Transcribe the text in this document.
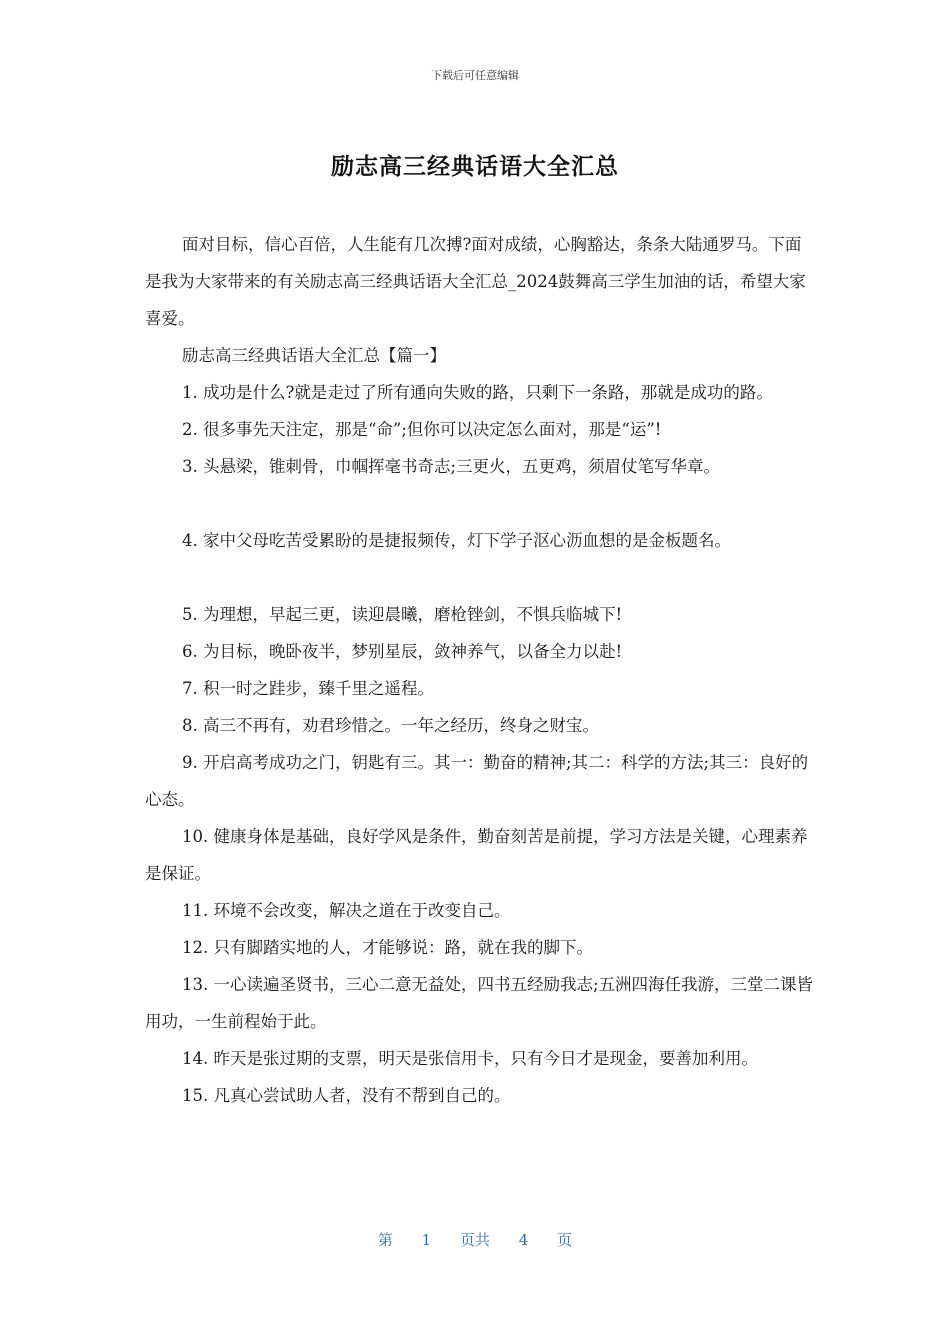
下载后可任意编辑
励志高三经典话语大全汇总

面对目标，信心百倍，人生能有几次搏?面对成绩，心胸豁达，条条大陆通罗马。下面是我为大家带来的有关励志高三经典话语大全汇总_2024鼓舞高三学生加油的话，希望大家喜爱。

励志高三经典话语大全汇总【篇一】

1. 成功是什么?就是走过了所有通向失败的路，只剩下一条路，那就是成功的路。

2. 很多事先天注定，那是“命”;但你可以决定怎么面对，那是“运”!

3. 头悬梁，锥刺骨，巾帼挥毫书奇志;三更火，五更鸡，须眉仗笔写华章。

4. 家中父母吃苦受累盼的是捷报频传，灯下学子沤心沥血想的是金板题名。

5. 为理想，早起三更，读迎晨曦，磨枪锉剑，不惧兵临城下!

6. 为目标，晚卧夜半，梦别星辰，敛神养气，以备全力以赴!

7. 积一时之跬步，臻千里之遥程。

8. 高三不再有，劝君珍惜之。一年之经历，终身之财宝。

9. 开启高考成功之门，钥匙有三。其一：勤奋的精神;其二：科学的方法;其三：良好的心态。

10. 健康身体是基础，良好学风是条件，勤奋刻苦是前提，学习方法是关键，心理素养是保证。

11. 环境不会改变，解决之道在于改变自己。

12. 只有脚踏实地的人，才能够说：路，就在我的脚下。

13. 一心读遍圣贤书，三心二意无益处，四书五经励我志;五洲四海任我游，三堂二课皆用功，一生前程始于此。

14. 昨天是张过期的支票，明天是张信用卡，只有今日才是现金，要善加利用。

15. 凡真心尝试助人者，没有不帮到自己的。

第 1 页共 4 页
